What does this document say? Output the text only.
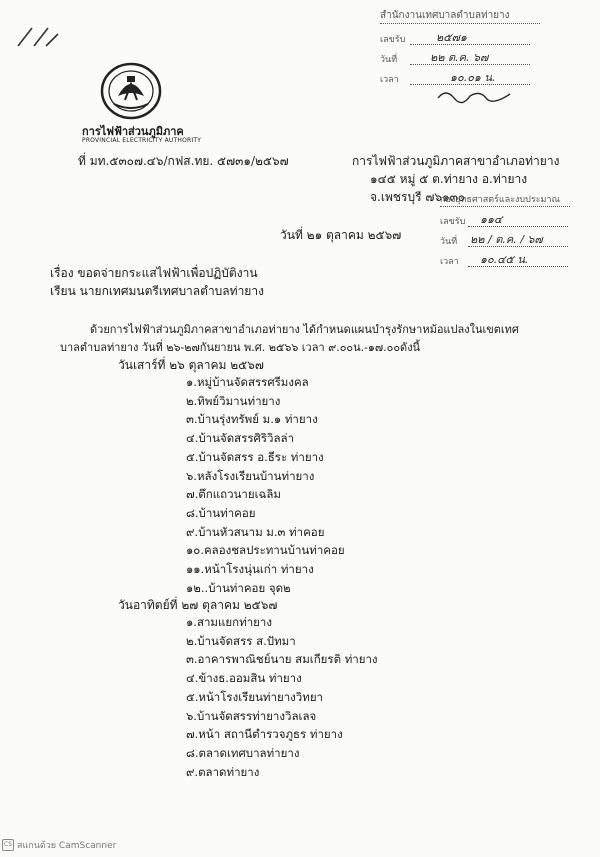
การไฟฟ้าส่วนภูมิภาค
PROVINCIAL ELECTRICITY AUTHORITY
ที่ มท.๕๓๐๗.๔๖/กฟส.ทย. ๕๗๓๑/๒๕๖๗	การไฟฟ้าส่วนภูมิภาคสาขาอำเภอท่ายาง
๑๔๕ หมู่ ๕ ต.ท่ายาง อ.ท่ายาง
จ.เพชรบุรี ๗๖๑๓๐
สำนักงานเทศบาลตำบลท่ายาง
เลขรับ	๒๕๗๑
วันที่	๒๒ ต.ค. ๖๗
เวลา	๑๐.๐๑ น.
กองยุทธศาสตร์และงบประมาณ
เลขรับ ๑๑๔
วันที่ ๒๒ / ต.ค. / ๖๗
เวลา ๑๐.๔๕ น.
วันที่ ๒๑ ตุลาคม ๒๕๖๗
เรื่อง ขอดจ่ายกระแสไฟฟ้าเพื่อปฏิบัติงาน
เรียน นายกเทศมนตรีเทศบาลตำบลท่ายาง
ด้วยการไฟฟ้าส่วนภูมิภาคสาขาอำเภอท่ายาง ได้กำหนดแผนบำรุงรักษาหม้อแปลงในเขตเทศ
บาลตำบลท่ายาง วันที่ ๒๖-๒๗กันยายน พ.ศ. ๒๕๖๖ เวลา ๙.๐๐น.-๑๗.๐๐ดังนี้
วันเสาร์ที่ ๒๖ ตุลาคม ๒๕๖๗
๑.หมู่บ้านจัดสรรศรีมงคล
๒.ทิพย์วิมานท่ายาง
๓.บ้านรุ่งทรัพย์ ม.๑ ท่ายาง
๔.บ้านจัดสรรศิริวิลล่า
๕.บ้านจัดสรร อ.ธีระ ท่ายาง
๖.หลังโรงเรียนบ้านท่ายาง
๗.ตึกแถวนายเฉลิม
๘.บ้านท่าคอย
๙.บ้านหัวสนาม ม.๓ ท่าคอย
๑๐.คลองชลประทานบ้านท่าคอย
๑๑.หน้าโรงนุ่นเก่า ท่ายาง
๑๒..บ้านท่าคอย จุด๒
วันอาทิตย์ที่ ๒๗ ตุลาคม ๒๕๖๗
๑.สามแยกท่ายาง
๒.บ้านจัดสรร ส.ปัทมา
๓.อาคารพาณิชย์นาย สมเกียรติ ท่ายาง
๔.ข้างธ.ออมสิน ท่ายาง
๕.หน้าโรงเรียนท่ายางวิทยา
๖.บ้านจัดสรรท่ายางวิลเลจ
๗.หน้า สถานีตำรวจภูธร ท่ายาง
๘.ตลาดเทศบาลท่ายาง
๙.ตลาดท่ายาง
CS สแกนด้วย CamScanner
